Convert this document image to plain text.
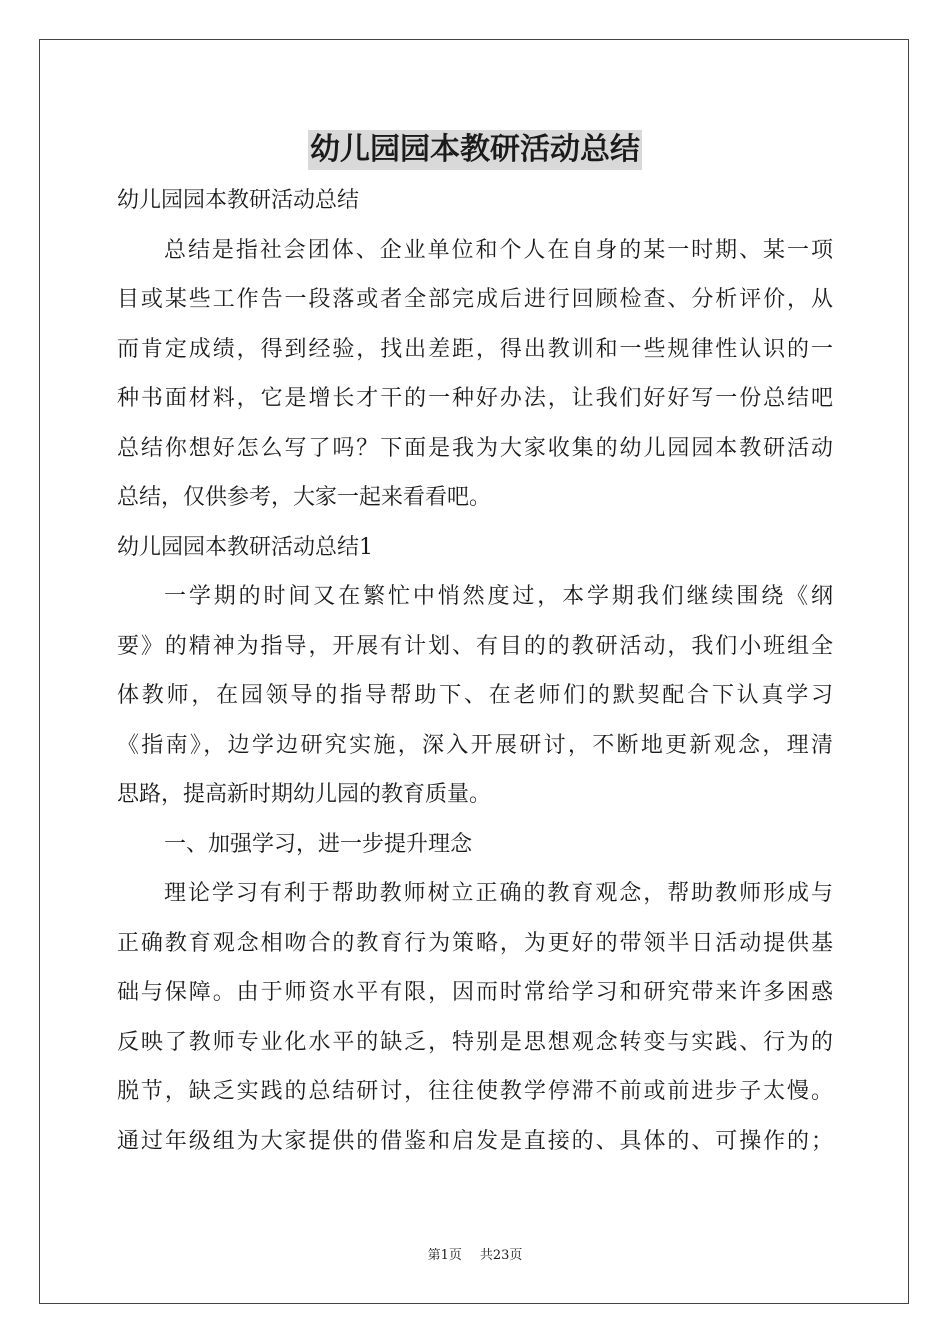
幼儿园园本教研活动总结
幼儿园园本教研活动总结
总结是指社会团体、企业单位和个人在自身的某一时期、某一项
目或某些工作告一段落或者全部完成后进行回顾检查、分析评价，从
而肯定成绩，得到经验，找出差距，得出教训和一些规律性认识的一
种书面材料，它是增长才干的一种好办法，让我们好好写一份总结吧
总结你想好怎么写了吗？下面是我为大家收集的幼儿园园本教研活动
总结，仅供参考，大家一起来看看吧。
幼儿园园本教研活动总结1
一学期的时间又在繁忙中悄然度过，本学期我们继续围绕《纲
要》的精神为指导，开展有计划、有目的的教研活动，我们小班组全
体教师，在园领导的指导帮助下、在老师们的默契配合下认真学习
《指南》，边学边研究实施，深入开展研讨，不断地更新观念，理清
思路，提高新时期幼儿园的教育质量。
一、加强学习，进一步提升理念
理论学习有利于帮助教师树立正确的教育观念，帮助教师形成与
正确教育观念相吻合的教育行为策略，为更好的带领半日活动提供基
础与保障。由于师资水平有限，因而时常给学习和研究带来许多困惑
反映了教师专业化水平的缺乏，特别是思想观念转变与实践、行为的
脱节，缺乏实践的总结研讨，往往使教学停滞不前或前进步子太慢。
通过年级组为大家提供的借鉴和启发是直接的、具体的、可操作的；
第1页 共23页
